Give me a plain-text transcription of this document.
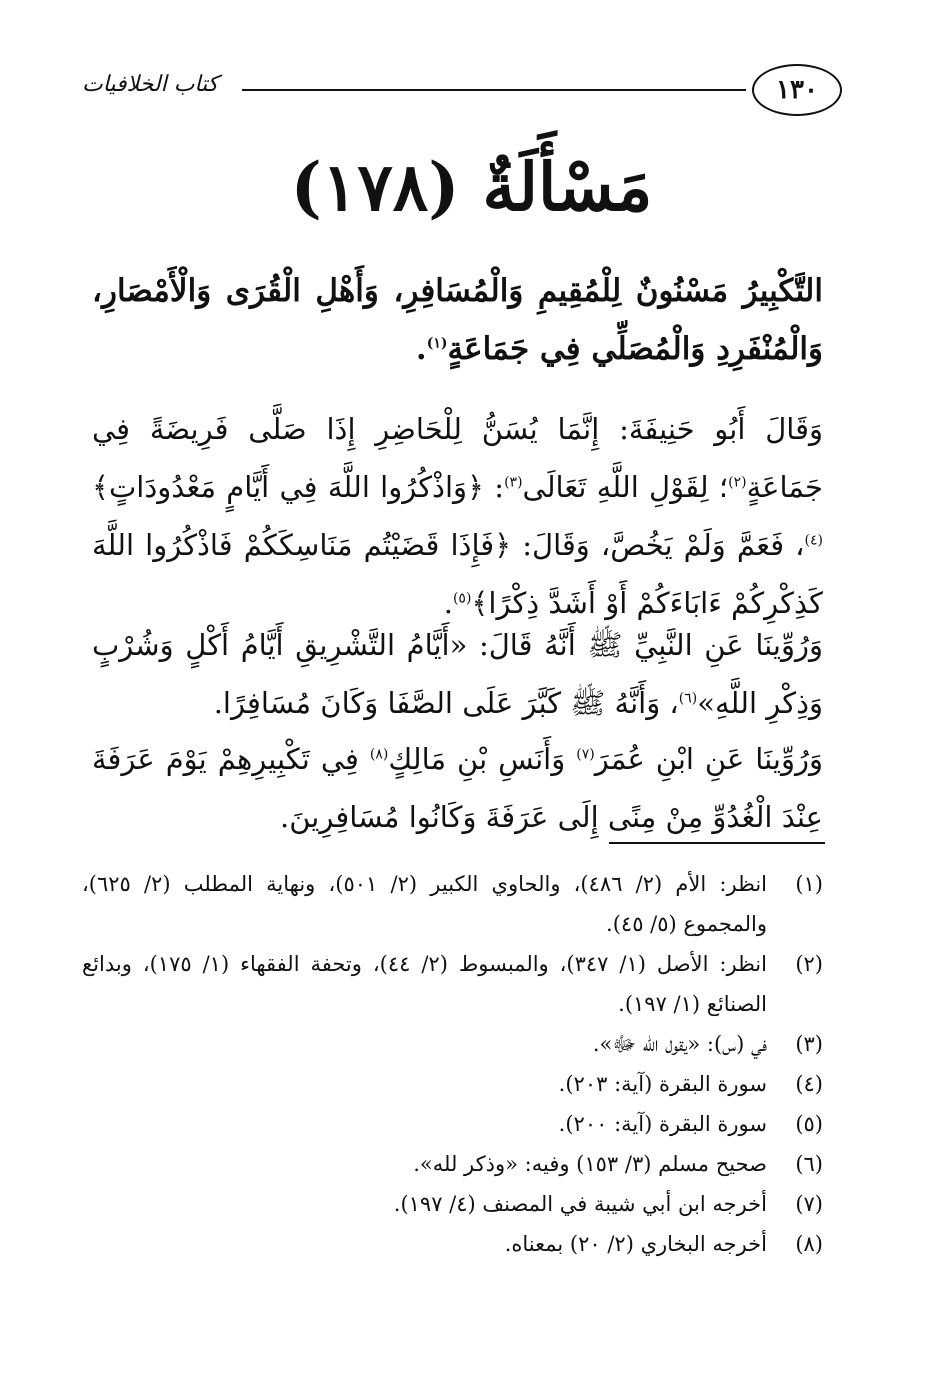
١٣٠
كتاب الخلافيات
مَسْأَلَةٌ (١٧٨)

التَّكْبِيرُ مَسْنُونٌ لِلْمُقِيمِ وَالْمُسَافِرِ، وَأَهْلِ الْقُرَى وَالْأَمْصَارِ، وَالْمُنْفَرِدِ وَالْمُصَلِّي فِي جَمَاعَةٍ$^{(١)}$.

وَقَالَ أَبُو حَنِيفَةَ: إِنَّمَا يُسَنُّ لِلْحَاضِرِ إِذَا صَلَّى فَرِيضَةً فِي جَمَاعَةٍ$^{(٢)}$؛ لِقَوْلِ اللَّهِ تَعَالَى$^{(٣)}$: ﴿وَاذْكُرُوا اللَّهَ فِي أَيَّامٍ مَعْدُودَاتٍ﴾$^{(٤)}$، فَعَمَّ وَلَمْ يَخُصَّ، وَقَالَ: ﴿فَإِذَا قَضَيْتُم مَنَاسِكَكُمْ فَاذْكُرُوا اللَّهَ كَذِكْرِكُمْ ءَابَاءَكُمْ أَوْ أَشَدَّ ذِكْرًا﴾$^{(٥)}$.

وَرُوِّينَا عَنِ النَّبِيِّ ﷺ أَنَّهُ قَالَ: «أَيَّامُ التَّشْرِيقِ أَيَّامُ أَكْلٍ وَشُرْبٍ وَذِكْرِ اللَّهِ»$^{(٦)}$، وَأَنَّهُ ﷺ كَبَّرَ عَلَى الصَّفَا وَكَانَ مُسَافِرًا.

وَرُوِّينَا عَنِ ابْنِ عُمَرَ$^{(٧)}$ وَأَنَسِ بْنِ مَالِكٍ$^{(٨)}$ فِي تَكْبِيرِهِمْ يَوْمَ عَرَفَةَ عِنْدَ الْغُدُوِّ مِنْ مِنًى إِلَى عَرَفَةَ وَكَانُوا مُسَافِرِينَ.

(١)
انظر: الأم (٢/ ٤٨٦)، والحاوي الكبير (٢/ ٥٠١)، ونهاية المطلب (٢/ ٦٢٥)، والمجموع (٥/ ٤٥).
(٢)
انظر: الأصل (١/ ٣٤٧)، والمبسوط (٢/ ٤٤)، وتحفة الفقهاء (١/ ١٧٥)، وبدائع الصنائع (١/ ١٩٧).
(٣)
في (س): «يقول الله ﷻ».
(٤)
سورة البقرة (آية: ٢٠٣).
(٥)
سورة البقرة (آية: ٢٠٠).
(٦)
صحيح مسلم (٣/ ١٥٣) وفيه: «وذكر لله».
(٧)
أخرجه ابن أبي شيبة في المصنف (٤/ ١٩٧).
(٨)
أخرجه البخاري (٢/ ٢٠) بمعناه.
